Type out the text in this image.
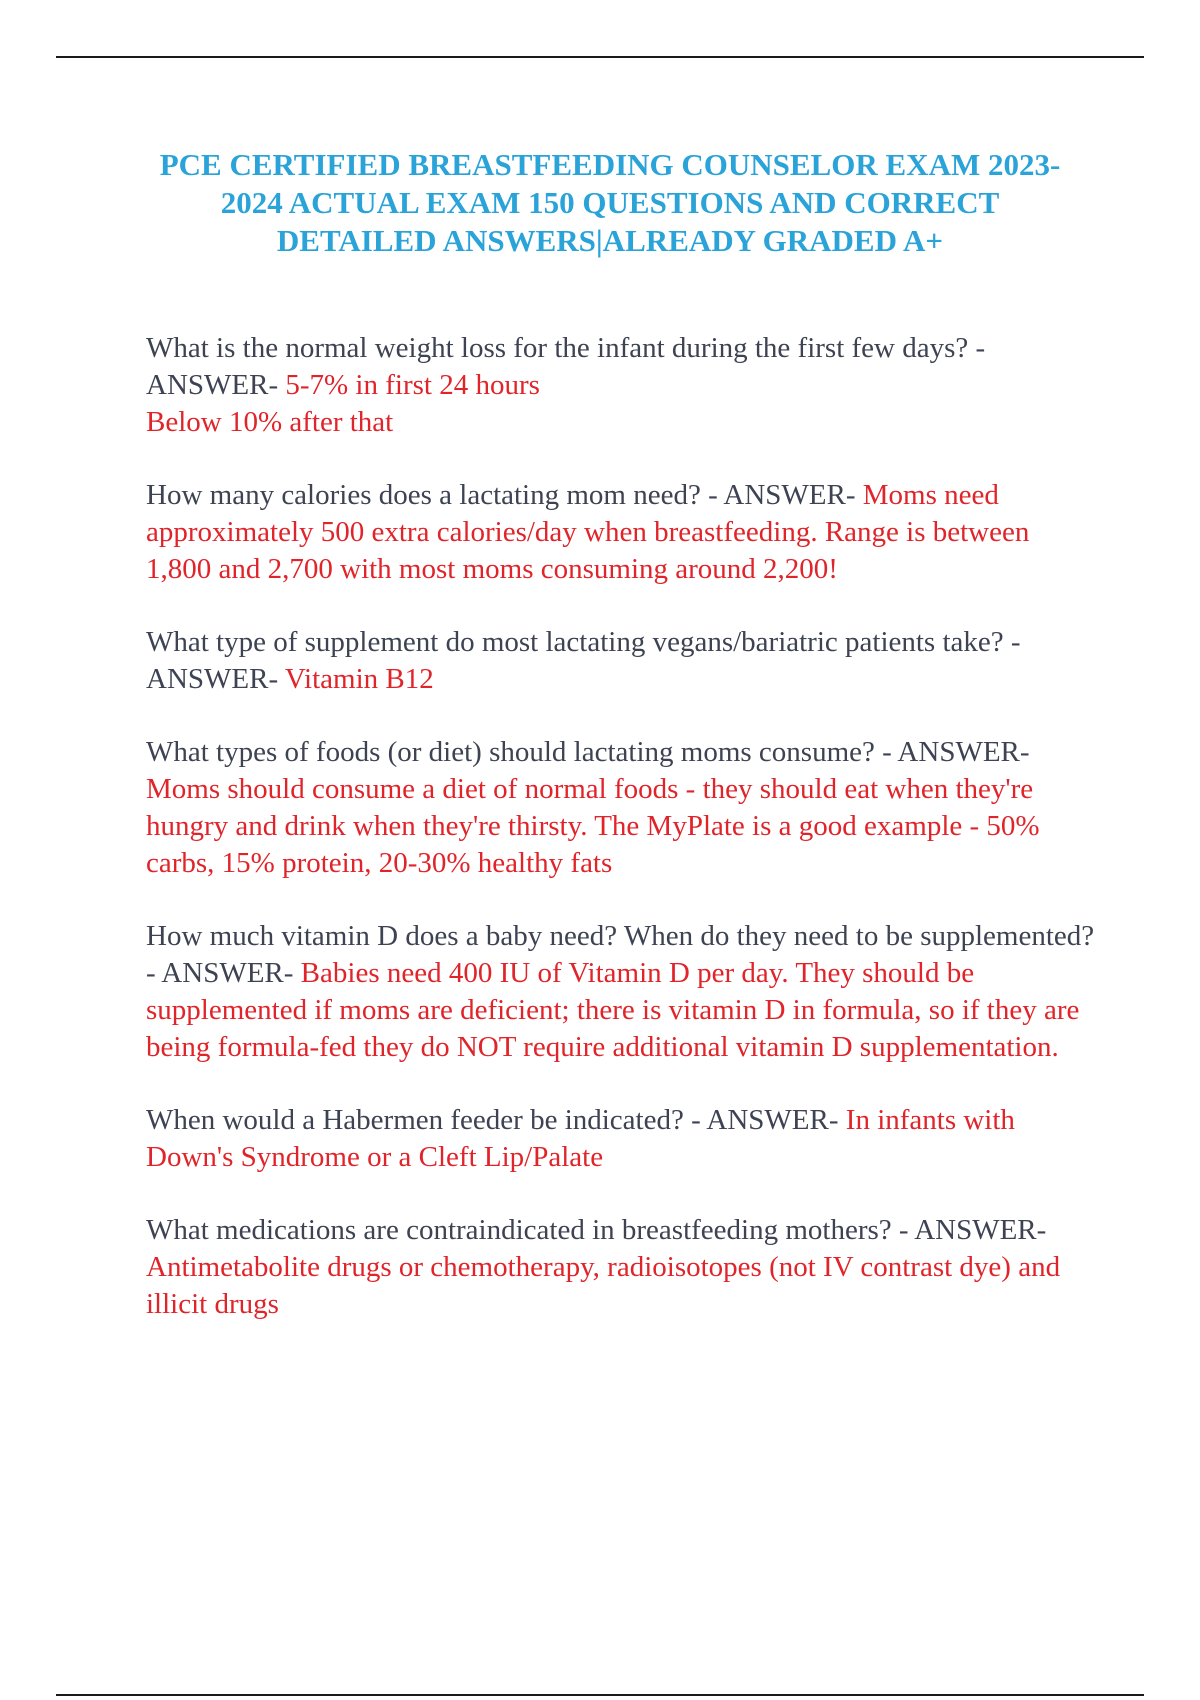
PCE CERTIFIED BREASTFEEDING COUNSELOR EXAM 2023-2024 ACTUAL EXAM 150 QUESTIONS AND CORRECT DETAILED ANSWERS|ALREADY GRADED A+

What is the normal weight loss for the infant during the first few days? - ANSWER- 5-7% in first 24 hours
Below 10% after that

How many calories does a lactating mom need? - ANSWER- Moms need approximately 500 extra calories/day when breastfeeding. Range is between 1,800 and 2,700 with most moms consuming around 2,200!

What type of supplement do most lactating vegans/bariatric patients take? - ANSWER- Vitamin B12

What types of foods (or diet) should lactating moms consume? - ANSWER- Moms should consume a diet of normal foods - they should eat when they're hungry and drink when they're thirsty. The MyPlate is a good example - 50% carbs, 15% protein, 20-30% healthy fats

How much vitamin D does a baby need? When do they need to be supplemented? - ANSWER- Babies need 400 IU of Vitamin D per day. They should be supplemented if moms are deficient; there is vitamin D in formula, so if they are being formula-fed they do NOT require additional vitamin D supplementation.

When would a Habermen feeder be indicated? - ANSWER- In infants with Down's Syndrome or a Cleft Lip/Palate

What medications are contraindicated in breastfeeding mothers? - ANSWER- Antimetabolite drugs or chemotherapy, radioisotopes (not IV contrast dye) and illicit drugs
